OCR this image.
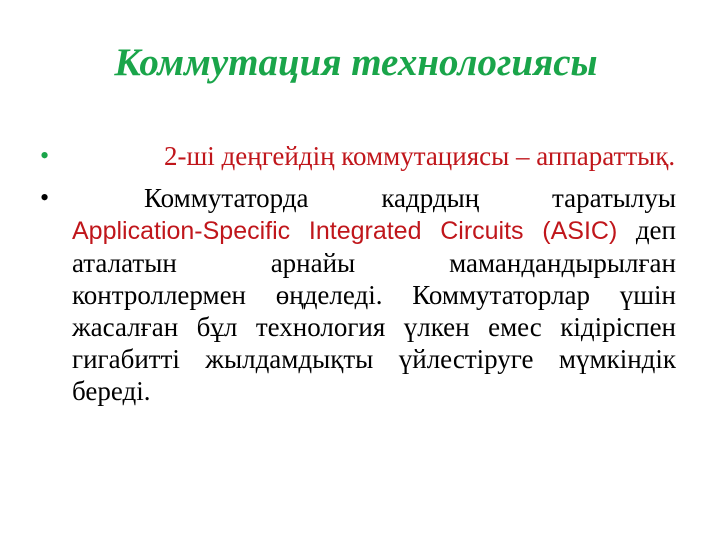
Коммутация технологиясы
•	2-ші деңгейдің коммутациясы – аппараттық.
•	Коммутаторда кадрдың таратылуы Application-Specific Integrated Circuits (ASIC) деп аталатын арнайы мамандандырылған контроллермен өңделеді. Коммутаторлар үшін жасалған бұл технология үлкен емес кідіріспен гигабитті жылдамдықты үйлестіруге мүмкіндік береді.
